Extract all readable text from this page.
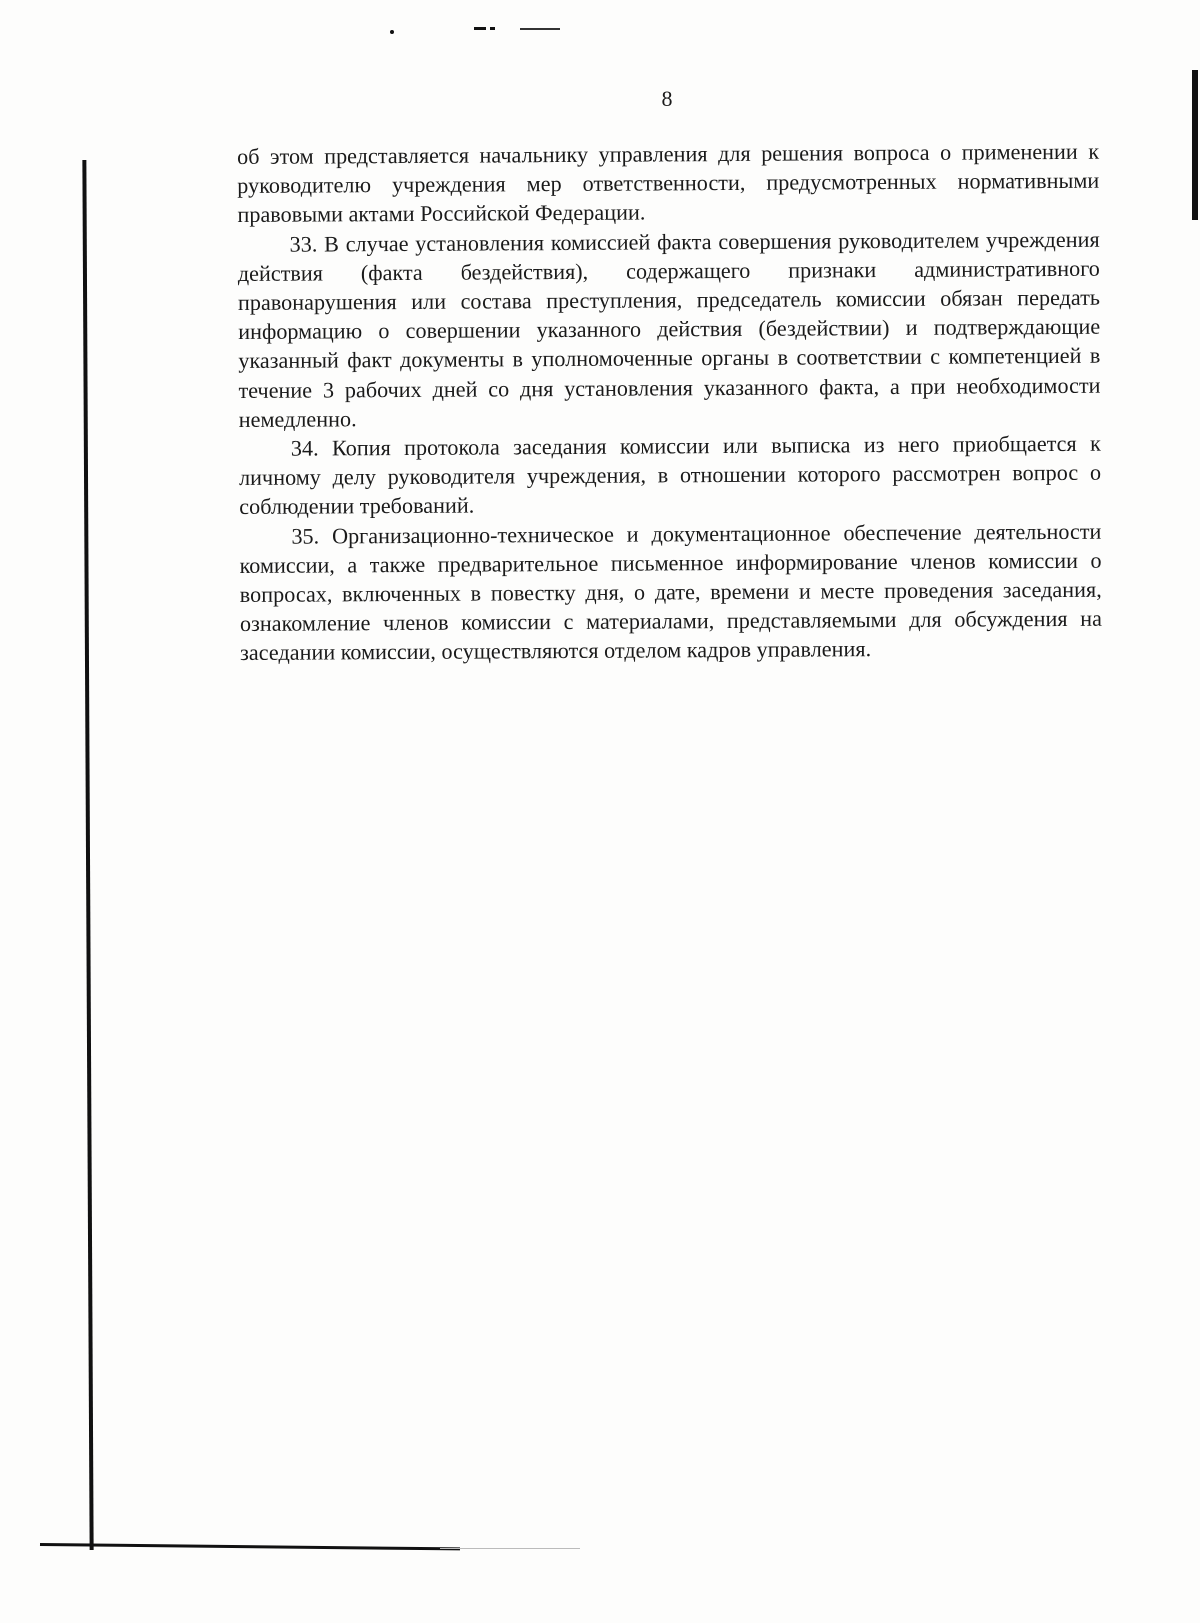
8

об этом представляется начальнику управления для решения вопроса о применении к руководителю учреждения мер ответственности, предусмотренных нормативными правовыми актами Российской Федерации.

33. В случае установления комиссией факта совершения руководителем учреждения действия (факта бездействия), содержащего признаки административного правонарушения или состава преступления, председатель комиссии обязан передать информацию о совершении указанного действия (бездействии) и подтверждающие указанный факт документы в уполномоченные органы в соответствии с компетенцией в течение 3 рабочих дней со дня установления указанного факта, а при необходимости немедленно.

34. Копия протокола заседания комиссии или выписка из него приобщается к личному делу руководителя учреждения, в отношении которого рассмотрен вопрос о соблюдении требований.

35. Организационно-техническое и документационное обеспечение деятельности комиссии, а также предварительное письменное информирование членов комиссии о вопросах, включенных в повестку дня, о дате, времени и месте проведения заседания, ознакомление членов комиссии с материалами, представляемыми для обсуждения на заседании комиссии, осуществляются отделом кадров управления.
